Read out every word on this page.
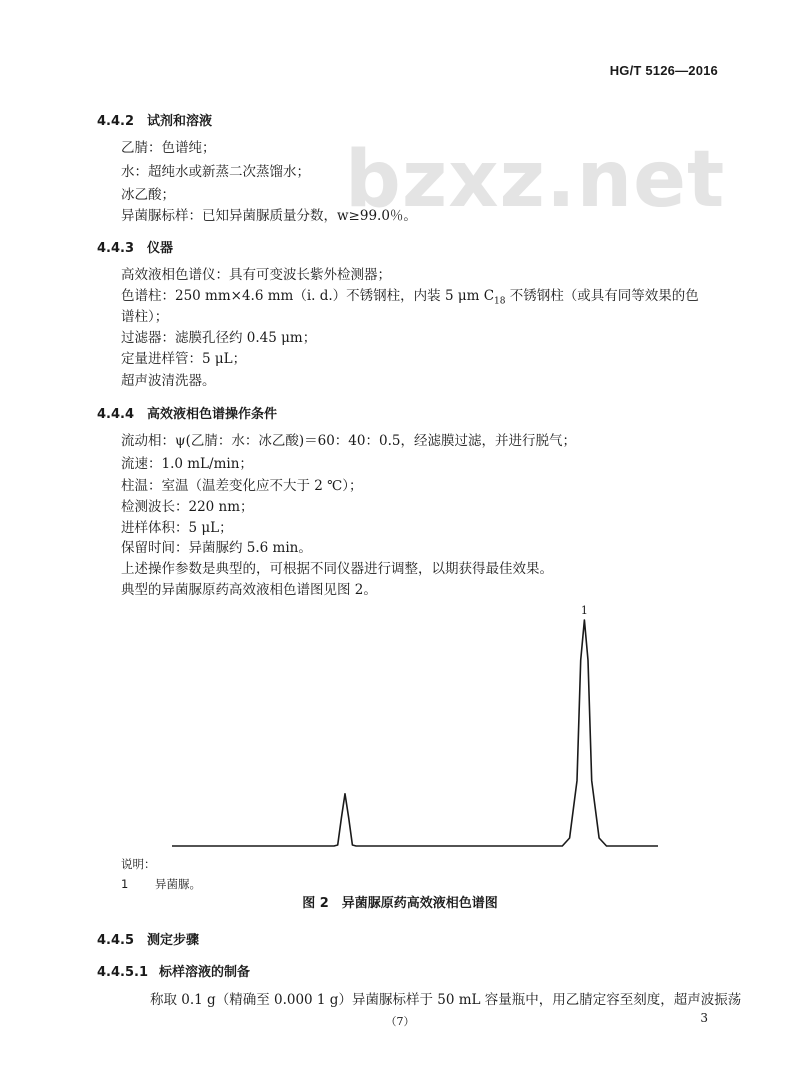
HG/T 5126—2016
bzxz.net
4.4.2 试剂和溶液
乙腈：色谱纯；
水：超纯水或新蒸二次蒸馏水；
冰乙酸；
异菌脲标样：已知异菌脲质量分数，w≥99.0％。
4.4.3 仪器
高效液相色谱仪：具有可变波长紫外检测器；
色谱柱：250 mm×4.6 mm（i. d.）不锈钢柱，内装 5 μm $C_{18}$ 不锈钢柱（或具有同等效果的色
谱柱）；
过滤器：滤膜孔径约 0.45 μm；
定量进样管：5 μL；
超声波清洗器。
4.4.4 高效液相色谱操作条件
流动相：ψ(乙腈：水：冰乙酸)＝60：40：0.5，经滤膜过滤，并进行脱气；
流速：1.0 mL/min；
柱温：室温（温差变化应不大于 2 ℃）；
检测波长：220 nm；
进样体积：5 μL；
保留时间：异菌脲约 5.6 min。
上述操作参数是典型的，可根据不同仪器进行调整，以期获得最佳效果。
典型的异菌脲原药高效液相色谱图见图 2。
1
说明：
1 异菌脲。
图 2　异菌脲原药高效液相色谱图
4.4.5 测定步骤
4.4.5.1 标样溶液的制备
称取 0.1 g（精确至 0.000 1 g）异菌脲标样于 50 mL 容量瓶中，用乙腈定容至刻度，超声波振荡
（7）	3
